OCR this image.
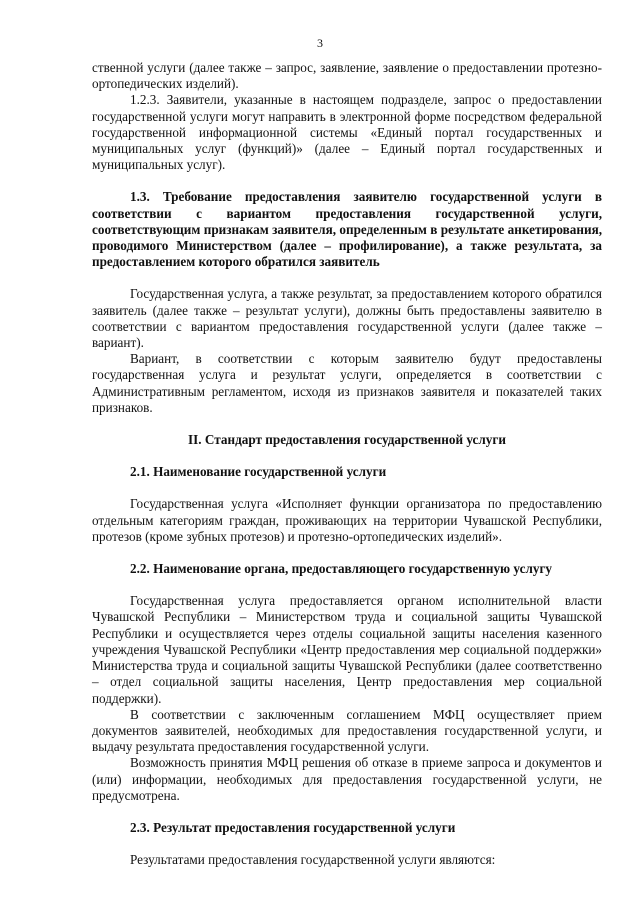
3

ственной услуги (далее также – запрос, заявление, заявление о предоставлении протезно-ортопедических изделий).

1.2.3. Заявители, указанные в настоящем подразделе, запрос о предоставлении государственной услуги могут направить в электронной форме посредством федеральной государственной информационной системы «Единый портал государственных и муниципальных услуг (функций)» (далее – Единый портал государственных и муниципальных услуг).

1.3. Требование предоставления заявителю государственной услуги в соответствии с вариантом предоставления государственной услуги, соответствующим признакам заявителя, определенным в результате анкетирования, проводимого Министерством (далее – профилирование), а также результата, за предоставлением которого обратился заявитель

Государственная услуга, а также результат, за предоставлением которого обратился заявитель (далее также – результат услуги), должны быть предоставлены заявителю в соответствии с вариантом предоставления государственной услуги (далее также – вариант).

Вариант, в соответствии с которым заявителю будут предоставлены государственная услуга и результат услуги, определяется в соответствии с Административным регламентом, исходя из признаков заявителя и показателей таких признаков.

II. Стандарт предоставления государственной услуги

2.1. Наименование государственной услуги

Государственная услуга «Исполняет функции организатора по предоставлению отдельным категориям граждан, проживающих на территории Чувашской Республики, протезов (кроме зубных протезов) и протезно-ортопедических изделий».

2.2. Наименование органа, предоставляющего государственную услугу

Государственная услуга предоставляется органом исполнительной власти Чувашской Республики – Министерством труда и социальной защиты Чувашской Республики и осуществляется через отделы социальной защиты населения казенного учреждения Чувашской Республики «Центр предоставления мер социальной поддержки» Министерства труда и социальной защиты Чувашской Республики (далее соответственно – отдел социальной защиты населения, Центр предоставления мер социальной поддержки).

В соответствии с заключенным соглашением МФЦ осуществляет прием документов заявителей, необходимых для предоставления государственной услуги, и выдачу результата предоставления государственной услуги.

Возможность принятия МФЦ решения об отказе в приеме запроса и документов и (или) информации, необходимых для предоставления государственной услуги, не предусмотрена.

2.3. Результат предоставления государственной услуги

Результатами предоставления государственной услуги являются:
